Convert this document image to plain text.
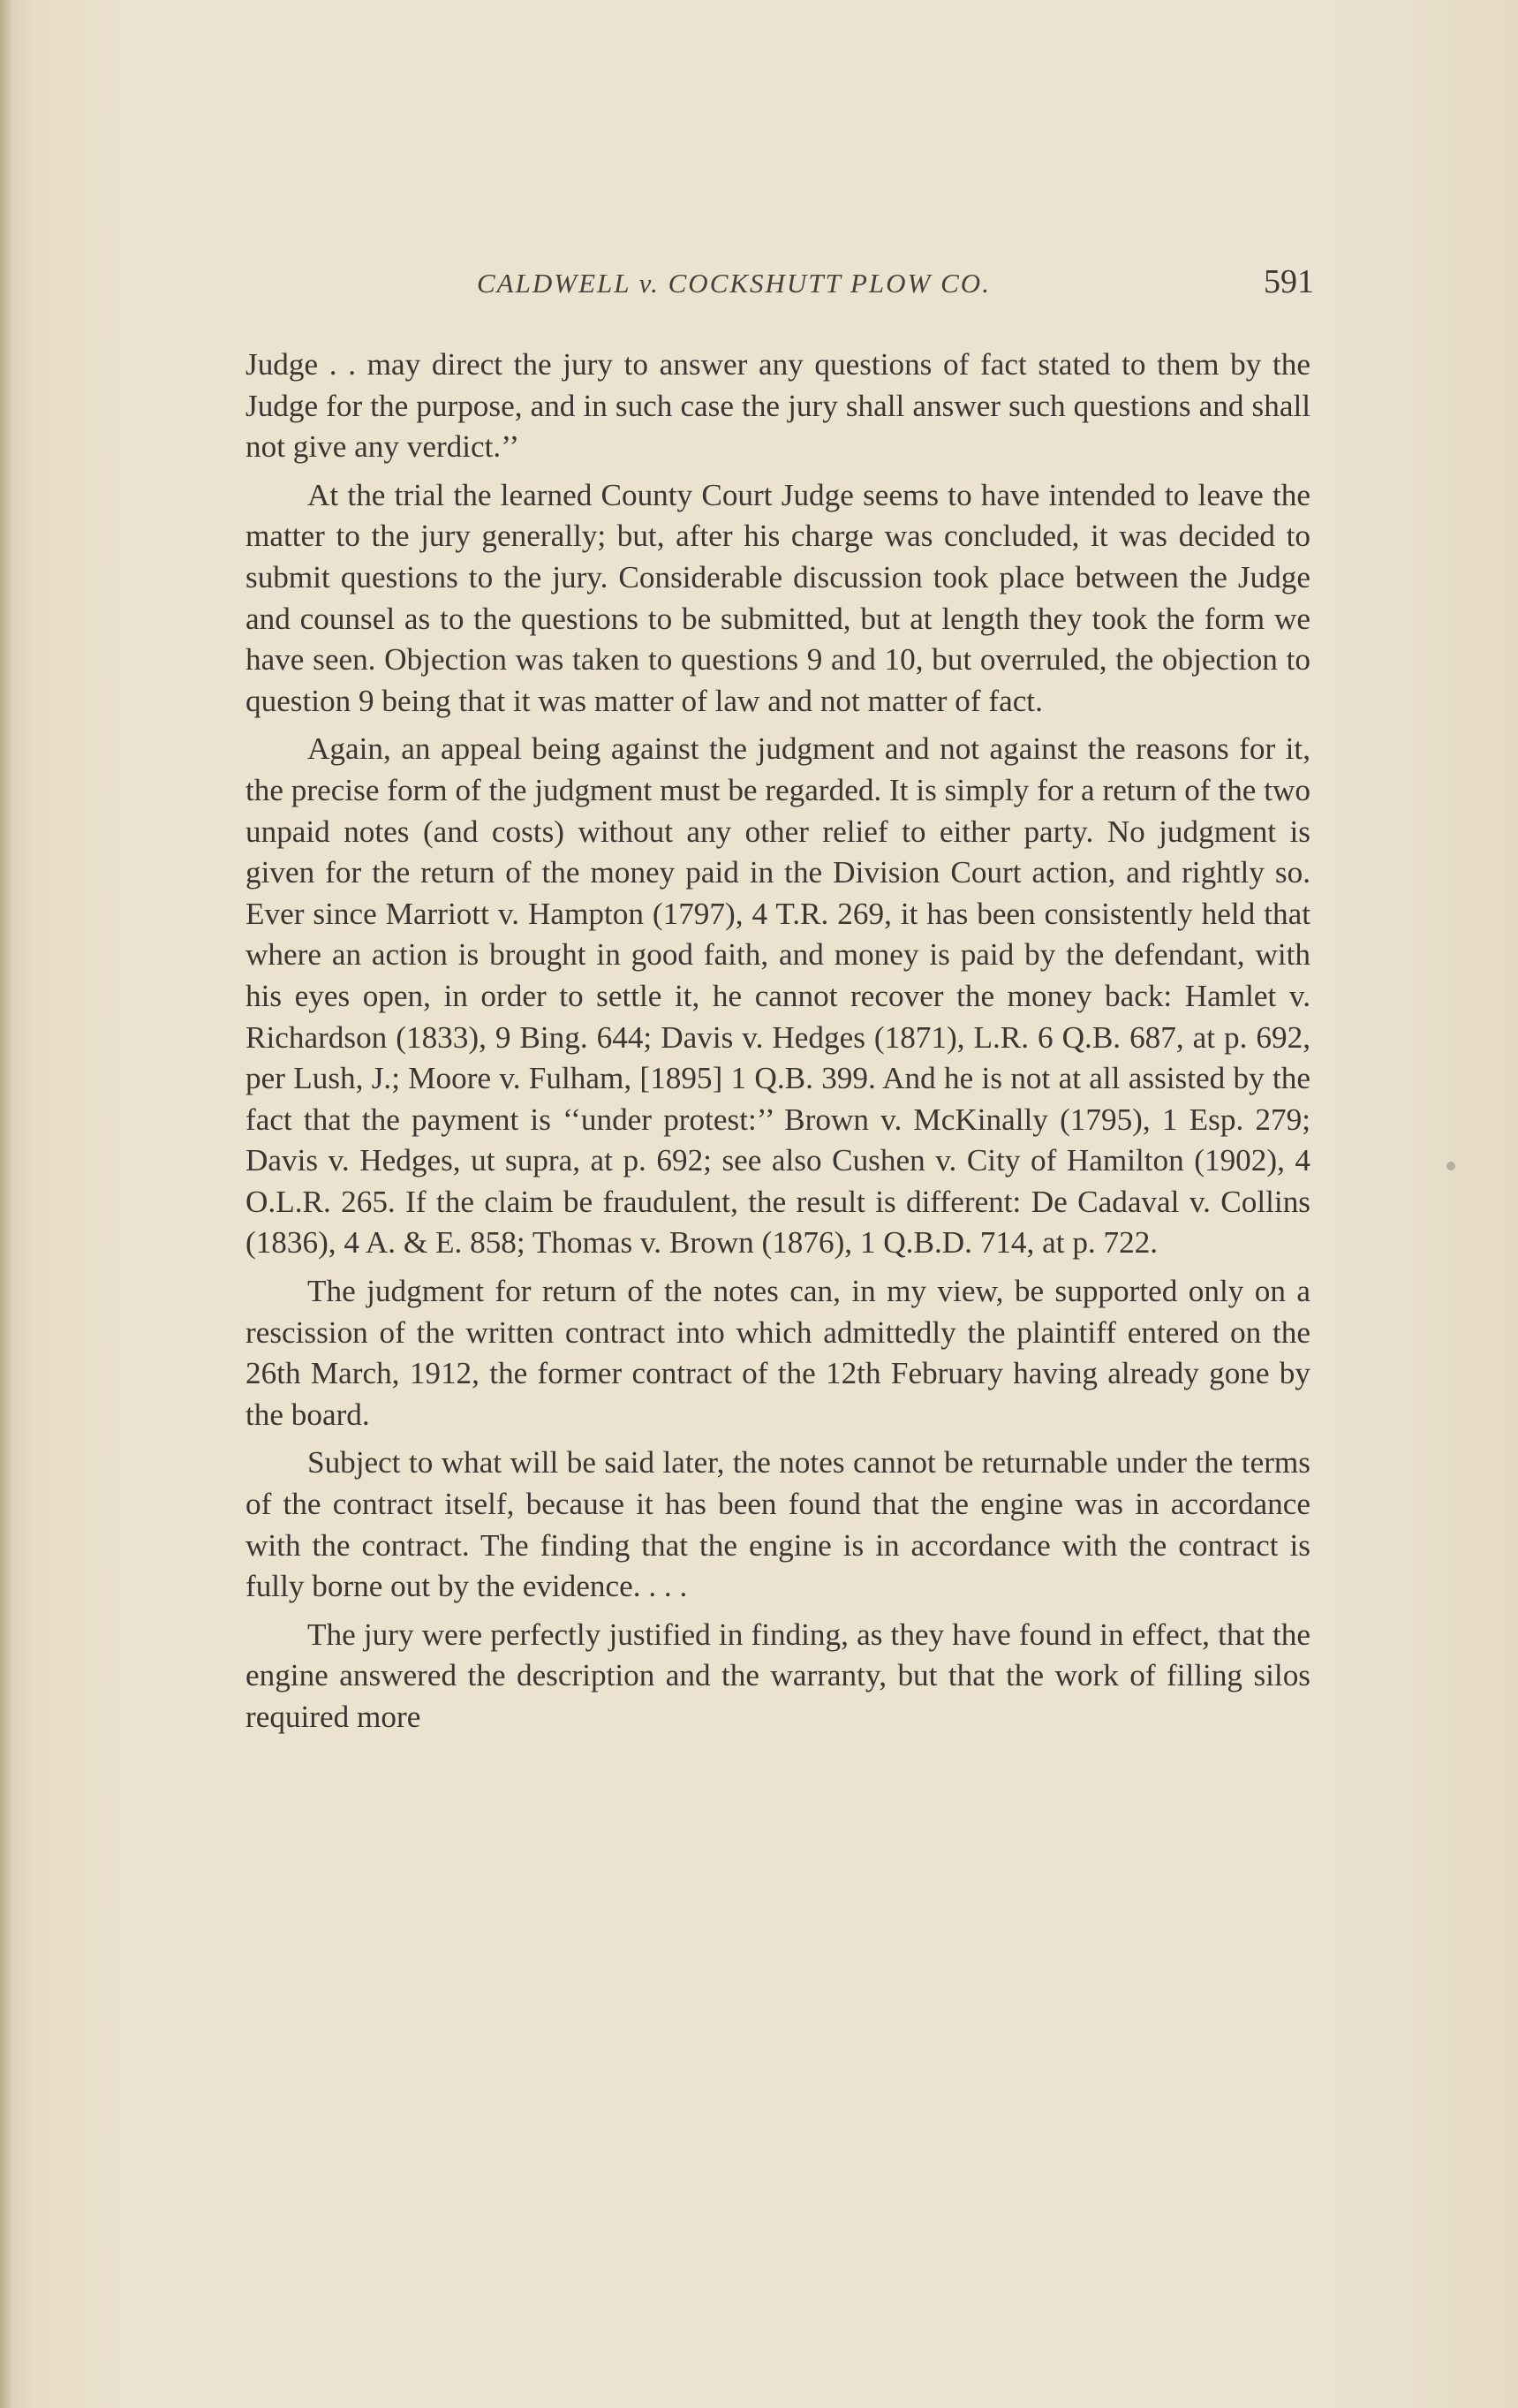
CALDWELL v. COCKSHUTT PLOW CO.	591

Judge . . may direct the jury to answer any questions of fact stated to them by the Judge for the purpose, and in such case the jury shall answer such questions and shall not give any verdict.’’

At the trial the learned County Court Judge seems to have intended to leave the matter to the jury generally; but, after his charge was concluded, it was decided to submit questions to the jury. Considerable discussion took place between the Judge and counsel as to the questions to be submitted, but at length they took the form we have seen. Objection was taken to questions 9 and 10, but overruled, the objection to question 9 being that it was matter of law and not matter of fact.

Again, an appeal being against the judgment and not against the reasons for it, the precise form of the judgment must be regarded. It is simply for a return of the two unpaid notes (and costs) without any other relief to either party. No judgment is given for the return of the money paid in the Division Court action, and rightly so. Ever since Marriott v. Hampton (1797), 4 T.R. 269, it has been consistently held that where an action is brought in good faith, and money is paid by the defendant, with his eyes open, in order to settle it, he cannot recover the money back: Hamlet v. Richardson (1833), 9 Bing. 644; Davis v. Hedges (1871), L.R. 6 Q.B. 687, at p. 692, per Lush, J.; Moore v. Fulham, [1895] 1 Q.B. 399. And he is not at all assisted by the fact that the payment is ‘‘under protest:’’ Brown v. McKinally (1795), 1 Esp. 279; Davis v. Hedges, ut supra, at p. 692; see also Cushen v. City of Hamilton (1902), 4 O.L.R. 265. If the claim be fraudulent, the result is different: De Cadaval v. Collins (1836), 4 A. & E. 858; Thomas v. Brown (1876), 1 Q.B.D. 714, at p. 722.

The judgment for return of the notes can, in my view, be supported only on a rescission of the written contract into which admittedly the plaintiff entered on the 26th March, 1912, the former contract of the 12th February having already gone by the board.

Subject to what will be said later, the notes cannot be returnable under the terms of the contract itself, because it has been found that the engine was in accordance with the contract. The finding that the engine is in accordance with the contract is fully borne out by the evidence. . . .

The jury were perfectly justified in finding, as they have found in effect, that the engine answered the description and the warranty, but that the work of filling silos required more
